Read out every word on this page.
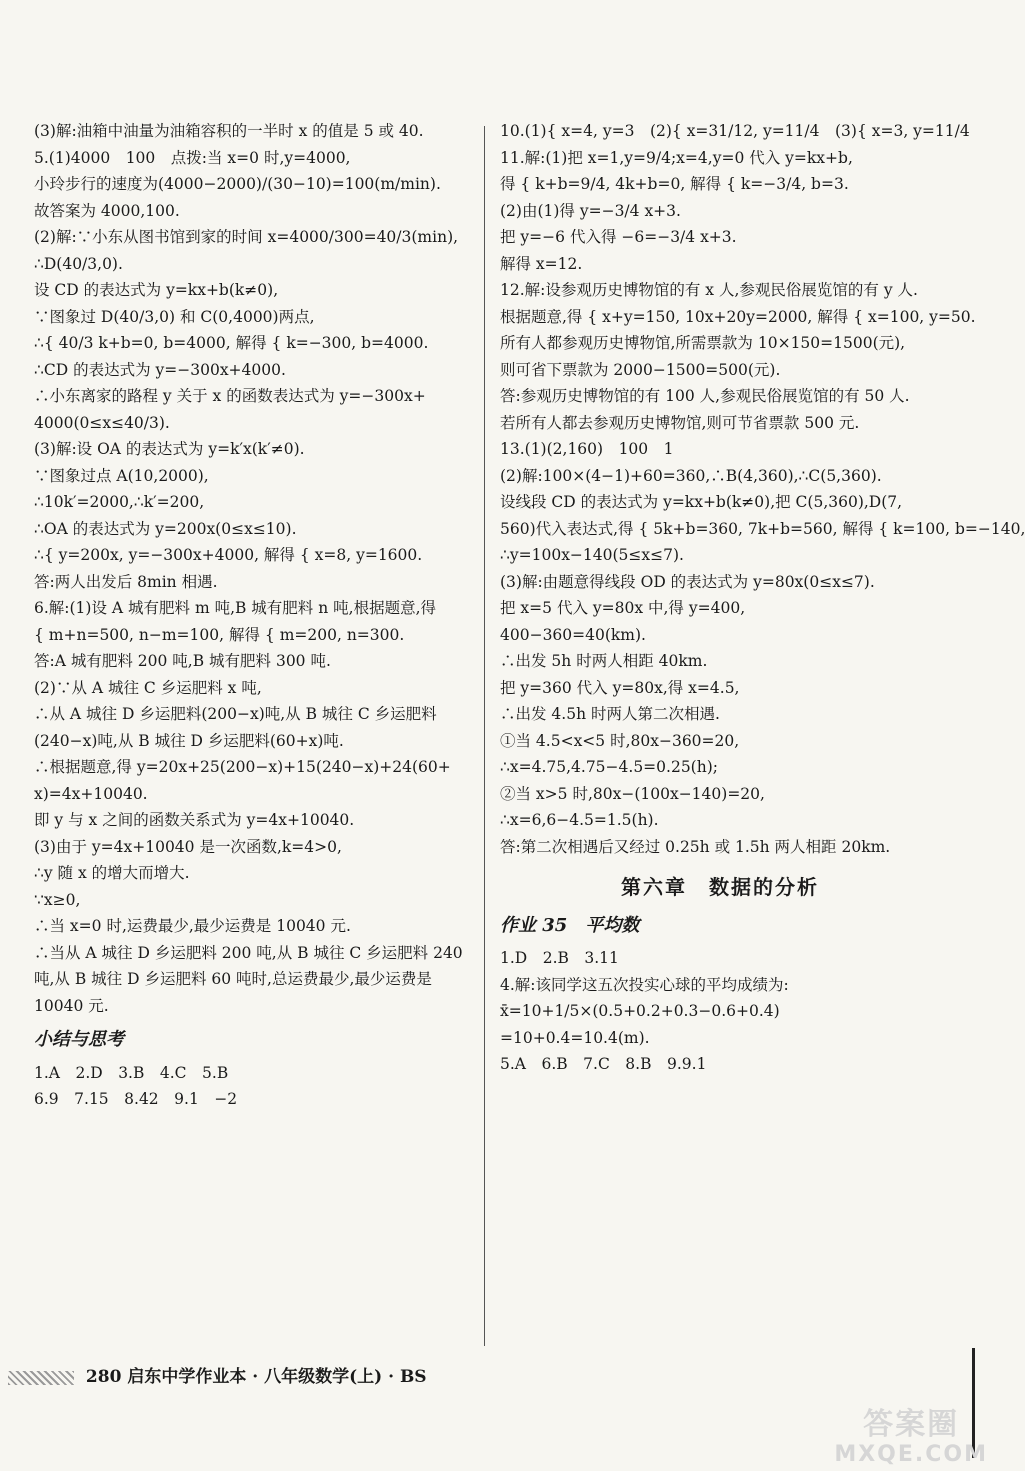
(3)解:油箱中油量为油箱容积的一半时 x 的值是 5 或 40.
5.(1)4000　100　点拨:当 x=0 时,y=4000,
小玲步行的速度为(4000−2000)/(30−10)=100(m/min).
故答案为 4000,100.
(2)解:∵小东从图书馆到家的时间 x=4000/300=40/3(min),
∴D(40/3,0).
设 CD 的表达式为 y=kx+b(k≠0),
∵图象过 D(40/3,0) 和 C(0,4000)两点,
∴{ 40/3 k+b=0, b=4000, 解得 { k=−300, b=4000.
∴CD 的表达式为 y=−300x+4000.
∴小东离家的路程 y 关于 x 的函数表达式为 y=−300x+
4000(0≤x≤40/3).
(3)解:设 OA 的表达式为 y=k′x(k′≠0).
∵图象过点 A(10,2000),
∴10k′=2000,∴k′=200,
∴OA 的表达式为 y=200x(0≤x≤10).
∴{ y=200x, y=−300x+4000, 解得 { x=8, y=1600.
答:两人出发后 8min 相遇.
6.解:(1)设 A 城有肥料 m 吨,B 城有肥料 n 吨,根据题意,得
{ m+n=500, n−m=100, 解得 { m=200, n=300.
答:A 城有肥料 200 吨,B 城有肥料 300 吨.
(2)∵从 A 城往 C 乡运肥料 x 吨,
∴从 A 城往 D 乡运肥料(200−x)吨,从 B 城往 C 乡运肥料
(240−x)吨,从 B 城往 D 乡运肥料(60+x)吨.
∴根据题意,得 y=20x+25(200−x)+15(240−x)+24(60+
x)=4x+10040.
即 y 与 x 之间的函数关系式为 y=4x+10040.
(3)由于 y=4x+10040 是一次函数,k=4>0,
∴y 随 x 的增大而增大.
∵x≥0,
∴当 x=0 时,运费最少,最少运费是 10040 元.
∴当从 A 城往 D 乡运肥料 200 吨,从 B 城往 C 乡运肥料 240
吨,从 B 城往 D 乡运肥料 60 吨时,总运费最少,最少运费是
10040 元.
小结与思考
1.A　2.D　3.B　4.C　5.B
6.9　7.15　8.42　9.1　−2
10.(1){ x=4, y=3　(2){ x=31/12, y=11/4　(3){ x=3, y=11/4
11.解:(1)把 x=1,y=9/4;x=4,y=0 代入 y=kx+b,
得 { k+b=9/4, 4k+b=0, 解得 { k=−3/4, b=3.
(2)由(1)得 y=−3/4 x+3.
把 y=−6 代入得 −6=−3/4 x+3.
解得 x=12.
12.解:设参观历史博物馆的有 x 人,参观民俗展览馆的有 y 人.
根据题意,得 { x+y=150, 10x+20y=2000, 解得 { x=100, y=50.
所有人都参观历史博物馆,所需票款为 10×150=1500(元),
则可省下票款为 2000−1500=500(元).
答:参观历史博物馆的有 100 人,参观民俗展览馆的有 50 人.
若所有人都去参观历史博物馆,则可节省票款 500 元.
13.(1)(2,160)　100　1
(2)解:100×(4−1)+60=360,∴B(4,360),∴C(5,360).
设线段 CD 的表达式为 y=kx+b(k≠0),把 C(5,360),D(7,
560)代入表达式,得 { 5k+b=360, 7k+b=560, 解得 { k=100, b=−140,
∴y=100x−140(5≤x≤7).
(3)解:由题意得线段 OD 的表达式为 y=80x(0≤x≤7).
把 x=5 代入 y=80x 中,得 y=400,
400−360=40(km).
∴出发 5h 时两人相距 40km.
把 y=360 代入 y=80x,得 x=4.5,
∴出发 4.5h 时两人第二次相遇.
①当 4.5<x<5 时,80x−360=20,
∴x=4.75,4.75−4.5=0.25(h);
②当 x>5 时,80x−(100x−140)=20,
∴x=6,6−4.5=1.5(h).
答:第二次相遇后又经过 0.25h 或 1.5h 两人相距 20km.
第六章　数据的分析
作业 35　平均数
1.D　2.B　3.11
4.解:该同学这五次投实心球的平均成绩为:
x̄=10+1/5×(0.5+0.2+0.3−0.6+0.4)
=10+0.4=10.4(m).
5.A　6.B　7.C　8.B　9.9.1
280 启东中学作业本 · 八年级数学(上) · BS
答案圈
MXQE.COM
